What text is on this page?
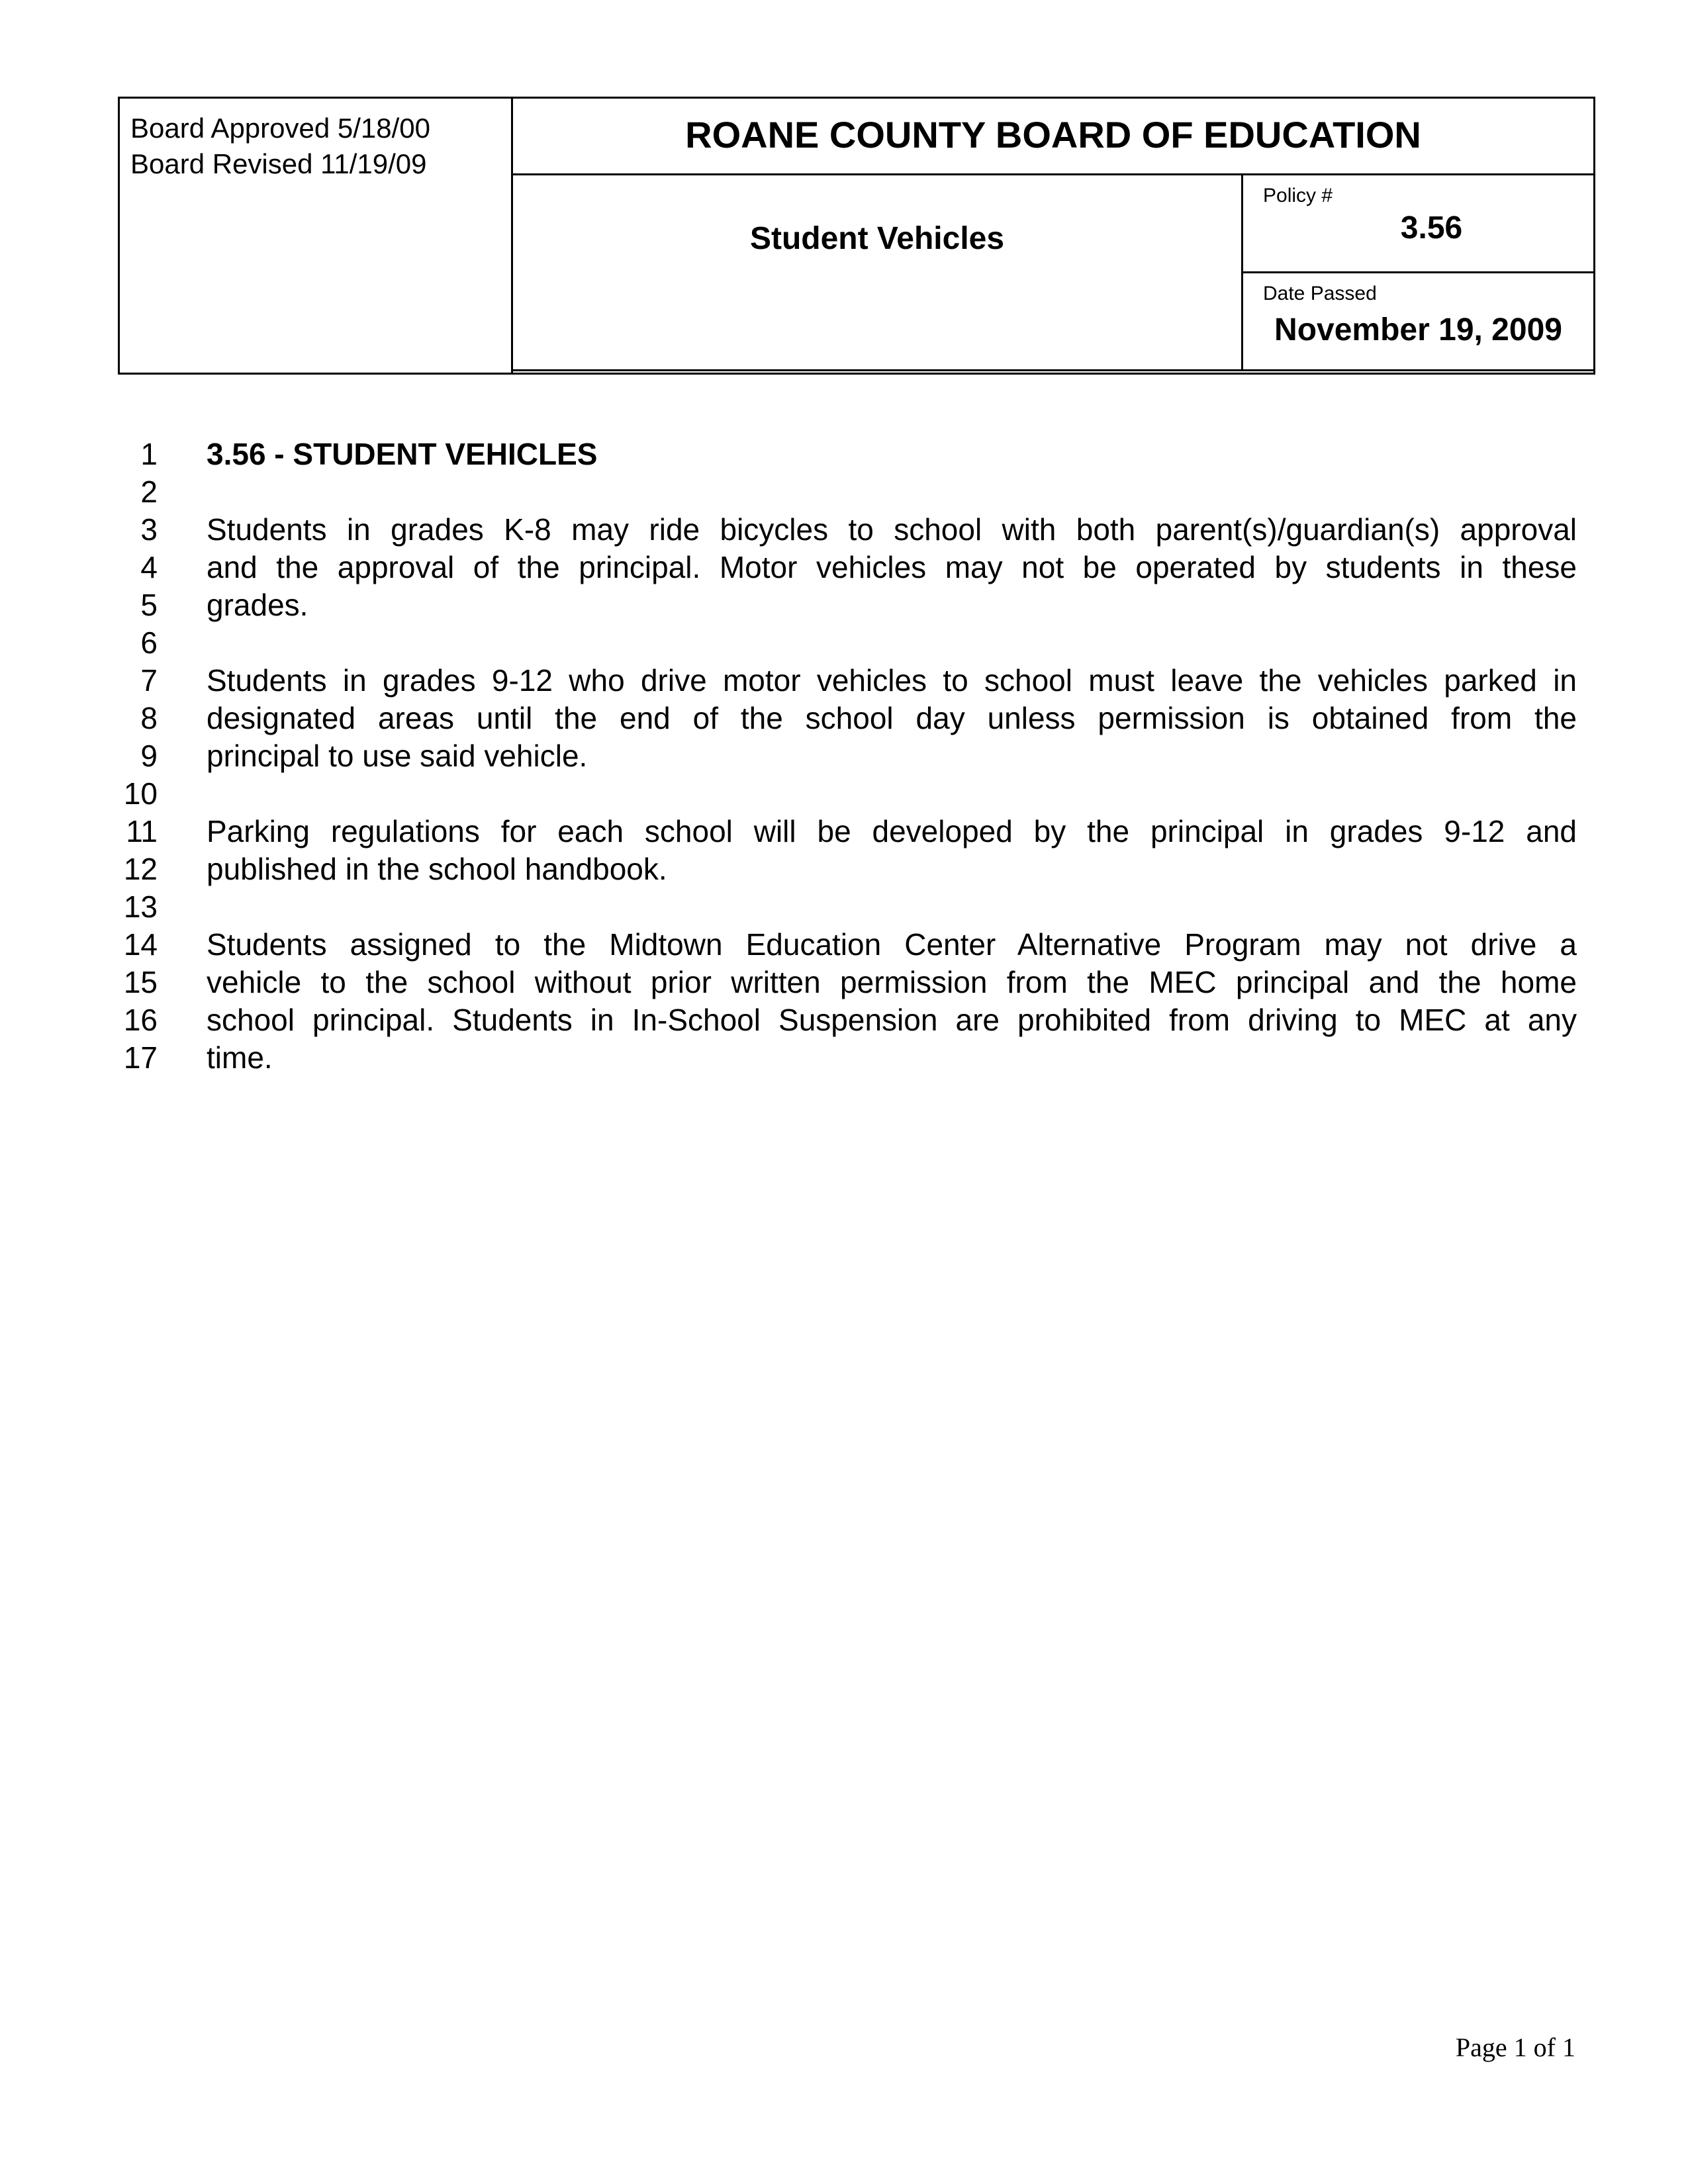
Board Approved 5/18/00
Board Revised 11/19/09
ROANE COUNTY BOARD OF EDUCATION
Student Vehicles
Policy #
3.56
Date Passed
November 19, 2009
1 3.56 - STUDENT VEHICLES
2
3 Students in grades K-8 may ride bicycles to school with both parent(s)/guardian(s) approval
4 and the approval of the principal. Motor vehicles may not be operated by students in these
5 grades.
6
7 Students in grades 9-12 who drive motor vehicles to school must leave the vehicles parked in
8 designated areas until the end of the school day unless permission is obtained from the
9 principal to use said vehicle.
10
11 Parking regulations for each school will be developed by the principal in grades 9-12 and
12 published in the school handbook.
13
14 Students assigned to the Midtown Education Center Alternative Program may not drive a
15 vehicle to the school without prior written permission from the MEC principal and the home
16 school principal. Students in In-School Suspension are prohibited from driving to MEC at any
17 time.
Page 1 of 1
